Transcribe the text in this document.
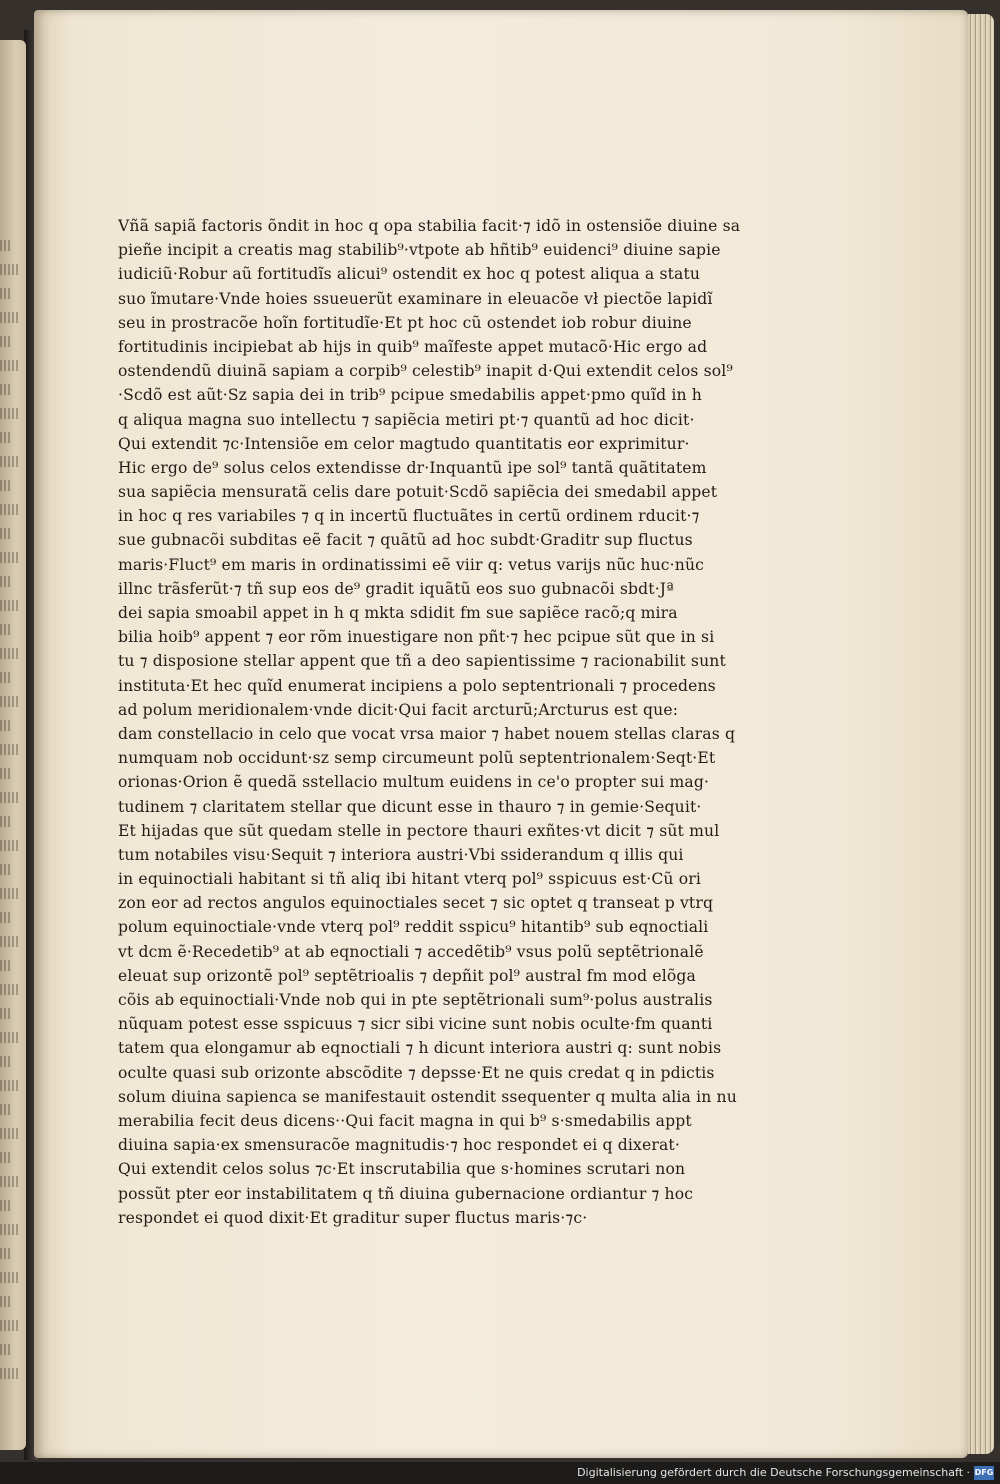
Vñã sapiã factoris õndit in hoc q opa stabilia facit·⁊ idõ in ostensiõe diuine sa
pieñe incipit a creatis mag stabilib⁹·vtpote ab hñtib⁹ euidenci⁹ diuine sapie
iudiciũ·Robur aũ fortitudĩs alicui⁹ ostendit ex hoc q potest aliqua a statu
suo ĩmutare·Vnde hoies ssueuerũt examinare in eleuacõe vł piectõe lapidĩ
seu in prostracõe hoĩn fortitudĩe·Et pt hoc cũ ostendet iob robur diuine
fortitudinis incipiebat ab hijs in quib⁹ maĩfeste appet mutacõ·Hic ergo ad
ostendendũ diuinã sapiam a corpib⁹ celestib⁹ inapit d·Qui extendit celos sol⁹
·Scdõ est aũt·Sz sapia dei in trib⁹ pcipue smedabilis appet·pmo quĩd in h
q aliqua magna suo intellectu ⁊ sapiẽcia metiri pt·⁊ quantũ ad hoc dicit·
Qui extendit ⁊c·Intensiõe em celor magtudo quantitatis eor exprimitur·
Hic ergo de⁹ solus celos extendisse dr·Inquantũ ipe sol⁹ tantã quãtitatem
sua sapiẽcia mensuratã celis dare potuit·Scdõ sapiẽcia dei smedabil appet
in hoc q res variabiles ⁊ q in incertũ fluctuãtes in certũ ordinem rducit·⁊
sue gubnacõi subditas eẽ facit ⁊ quãtũ ad hoc subdt·Graditr sup fluctus
maris·Fluct⁹ em maris in ordinatissimi eẽ viir q: vetus varijs nũc huc·nũc
illnc trãsferũt·⁊ tñ sup eos de⁹ gradit iquãtũ eos suo gubnacõi sbdt·Jª
dei sapia smoabil appet in h q mkta sdidit fm sue sapiẽce racõ;q mira
bilia hoib⁹ appent ⁊ eor rõm inuestigare non pñt·⁊ hec pcipue sũt que in si
tu ⁊ disposione stellar appent que tñ a deo sapientissime ⁊ racionabilit sunt
instituta·Et hec quĩd enumerat incipiens a polo septentrionali ⁊ procedens
ad polum meridionalem·vnde dicit·Qui facit arcturũ;Arcturus est que:
dam constellacio in celo que vocat vrsa maior ⁊ habet nouem stellas claras q
numquam nob occidunt·sz semp circumeunt polũ septentrionalem·Seqt·Et
orionas·Orion ẽ quedã sstellacio multum euidens in ce'o propter sui mag·
tudinem ⁊ claritatem stellar que dicunt esse in thauro ⁊ in gemie·Sequit·
Et hijadas que sũt quedam stelle in pectore thauri exñtes·vt dicit ⁊ sũt mul
tum notabiles visu·Sequit ⁊ interiora austri·Vbi ssiderandum q illis qui
in equinoctiali habitant si tñ aliq ibi hitant vterq pol⁹ sspicuus est·Cũ ori
zon eor ad rectos angulos equinoctiales secet ⁊ sic optet q transeat p vtrq
polum equinoctiale·vnde vterq pol⁹ reddit sspicu⁹ hitantib⁹ sub eqnoctiali
vt dcm ẽ·Recedetib⁹ at ab eqnoctiali ⁊ accedẽtib⁹ vsus polũ septẽtrionalẽ
eleuat sup orizontẽ pol⁹ septẽtrioalis ⁊ depñit pol⁹ austral fm mod elõga
cõis ab equinoctiali·Vnde nob qui in pte septẽtrionali sum⁹·polus australis
nũquam potest esse sspicuus ⁊ sicr sibi vicine sunt nobis oculte·fm quanti
tatem qua elongamur ab eqnoctiali ⁊ h dicunt interiora austri q: sunt nobis
oculte quasi sub orizonte abscõdite ⁊ depsse·Et ne quis credat q in pdictis
solum diuina sapienca se manifestauit ostendit ssequenter q multa alia in nu
merabilia fecit deus dicens··Qui facit magna in qui b⁹ s·smedabilis appt
diuina sapia·ex smensuracõe magnitudis·⁊ hoc respondet ei q dixerat·
Qui extendit celos solus ⁊c·Et inscrutabilia que s·homines scrutari non
possũt pter eor instabilitatem q tñ diuina gubernacione ordiantur ⁊ hoc
respondet ei quod dixit·Et graditur super fluctus maris·⁊c·
Digitalisierung gefördert durch die Deutsche Forschungsgemeinschaft · DFG
